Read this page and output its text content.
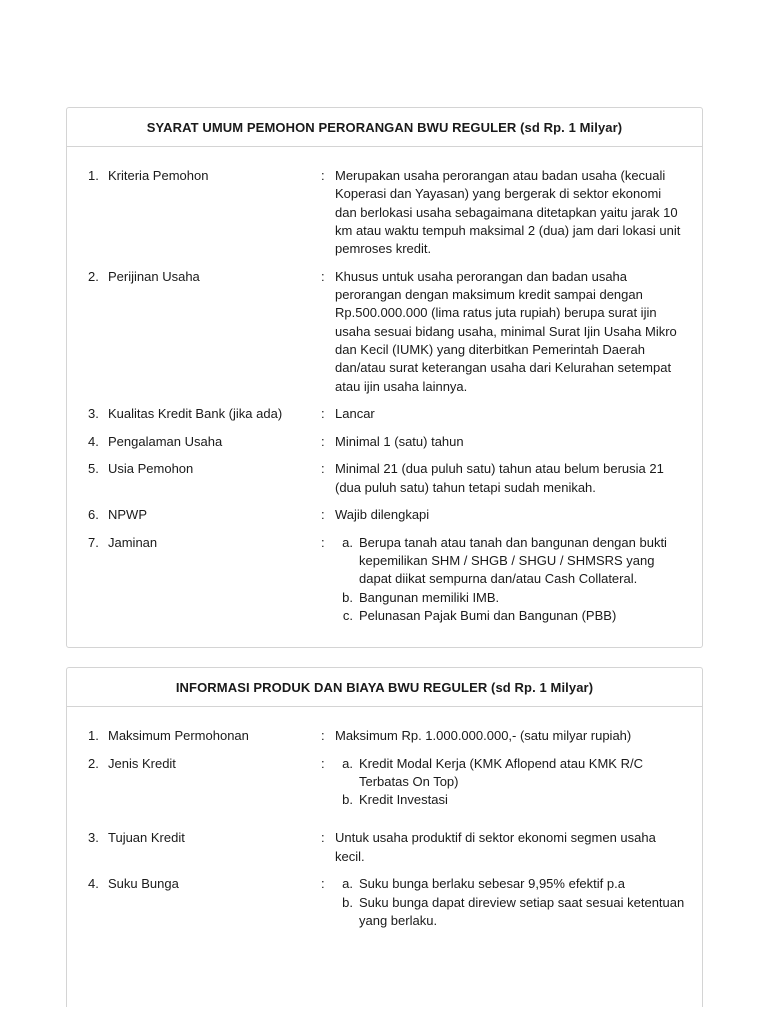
SYARAT UMUM PEMOHON PERORANGAN BWU REGULER (sd Rp. 1 Milyar)
1. Kriteria Pemohon	: Merupakan usaha perorangan atau badan usaha (kecuali Koperasi dan Yayasan) yang bergerak di sektor ekonomi dan berlokasi usaha sebagaimana ditetapkan yaitu jarak 10 km atau waktu tempuh maksimal 2 (dua) jam dari lokasi unit pemroses kredit.
2. Perijinan Usaha	: Khusus untuk usaha perorangan dan badan usaha perorangan dengan maksimum kredit sampai dengan Rp.500.000.000 (lima ratus juta rupiah) berupa surat ijin usaha sesuai bidang usaha, minimal Surat Ijin Usaha Mikro dan Kecil (IUMK) yang diterbitkan Pemerintah Daerah dan/atau surat keterangan usaha dari Kelurahan setempat atau ijin usaha lainnya.
3. Kualitas Kredit Bank (jika ada)	: Lancar
4. Pengalaman Usaha	: Minimal 1 (satu) tahun
5. Usia Pemohon	: Minimal 21 (dua puluh satu) tahun atau belum berusia 21 (dua puluh satu) tahun tetapi sudah menikah.
6. NPWP	: Wajib dilengkapi
7. Jaminan	:	a. Berupa tanah atau tanah dan bangunan dengan bukti kepemilikan SHM / SHGB / SHGU / SHMSRS yang dapat diikat sempurna dan/atau Cash Collateral.
b. Bangunan memiliki IMB.
c. Pelunasan Pajak Bumi dan Bangunan (PBB)
INFORMASI PRODUK DAN BIAYA BWU REGULER (sd Rp. 1 Milyar)
1. Maksimum Permohonan	: Maksimum Rp. 1.000.000.000,- (satu milyar rupiah)
2. Jenis Kredit	:	a. Kredit Modal Kerja (KMK Aflopend atau KMK R/C Terbatas On Top)
b. Kredit Investasi
3. Tujuan Kredit	: Untuk usaha produktif di sektor ekonomi segmen usaha kecil.
4. Suku Bunga	:	a. Suku bunga berlaku sebesar 9,95% efektif p.a
b. Suku bunga dapat direview setiap saat sesuai ketentuan yang berlaku.
